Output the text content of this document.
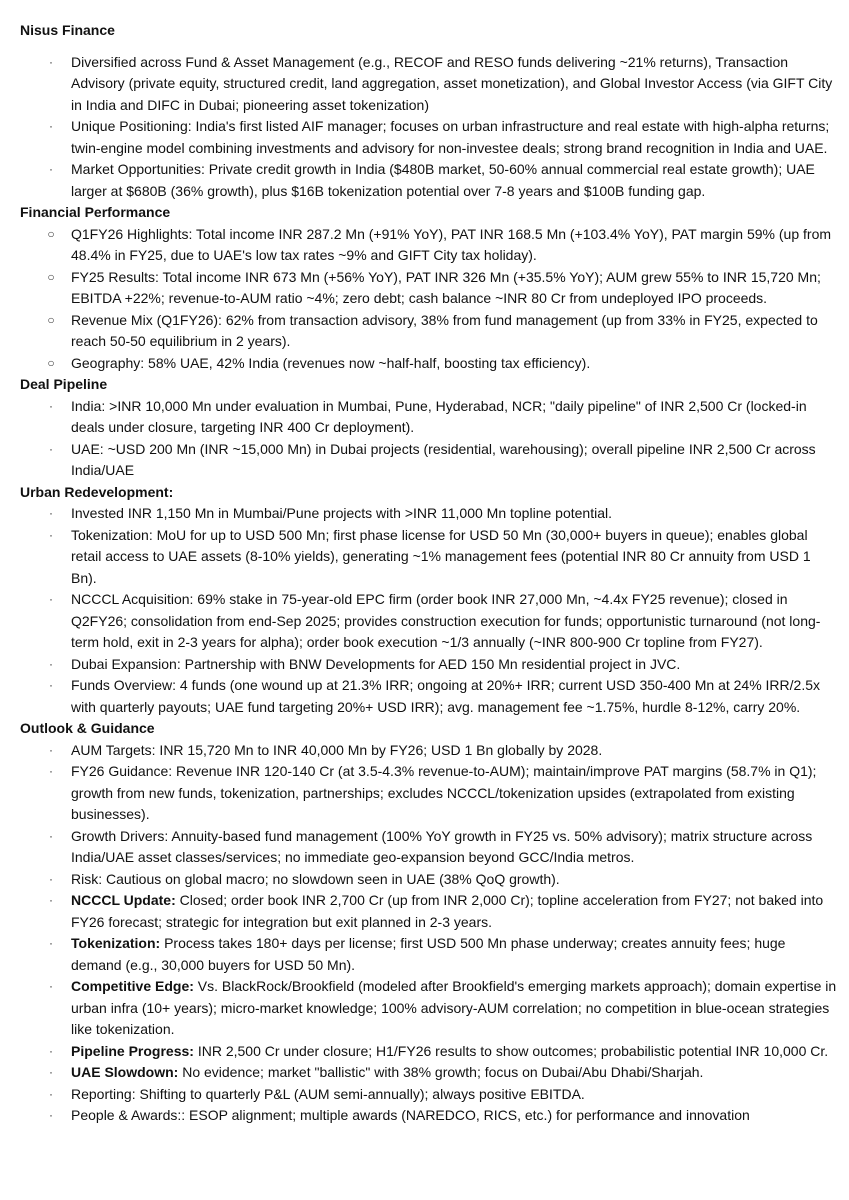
Nisus Finance
·	Diversified across Fund & Asset Management (e.g., RECOF and RESO funds delivering ~21% returns), Transaction Advisory (private equity, structured credit, land aggregation, asset monetization), and Global Investor Access (via GIFT City in India and DIFC in Dubai; pioneering asset tokenization)
·	Unique Positioning: India's first listed AIF manager; focuses on urban infrastructure and real estate with high-alpha returns; twin-engine model combining investments and advisory for non-investee deals; strong brand recognition in India and UAE.
·	Market Opportunities: Private credit growth in India ($480B market, 50-60% annual commercial real estate growth); UAE larger at $680B (36% growth), plus $16B tokenization potential over 7-8 years and $100B funding gap.
Financial Performance
○ Q1FY26 Highlights: Total income INR 287.2 Mn (+91% YoY), PAT INR 168.5 Mn (+103.4% YoY), PAT margin 59% (up from 48.4% in FY25, due to UAE's low tax rates ~9% and GIFT City tax holiday).
○ FY25 Results: Total income INR 673 Mn (+56% YoY), PAT INR 326 Mn (+35.5% YoY); AUM grew 55% to INR 15,720 Mn; EBITDA +22%; revenue-to-AUM ratio ~4%; zero debt; cash balance ~INR 80 Cr from undeployed IPO proceeds.
○ Revenue Mix (Q1FY26): 62% from transaction advisory, 38% from fund management (up from 33% in FY25, expected to reach 50-50 equilibrium in 2 years).
○ Geography: 58% UAE, 42% India (revenues now ~half-half, boosting tax efficiency).
Deal Pipeline
·	India: >INR 10,000 Mn under evaluation in Mumbai, Pune, Hyderabad, NCR; "daily pipeline" of INR 2,500 Cr (locked-in deals under closure, targeting INR 400 Cr deployment).
·	UAE: ~USD 200 Mn (INR ~15,000 Mn) in Dubai projects (residential, warehousing); overall pipeline INR 2,500 Cr across India/UAE
Urban Redevelopment:
·	Invested INR 1,150 Mn in Mumbai/Pune projects with >INR 11,000 Mn topline potential.
·	Tokenization: MoU for up to USD 500 Mn; first phase license for USD 50 Mn (30,000+ buyers in queue); enables global retail access to UAE assets (8-10% yields), generating ~1% management fees (potential INR 80 Cr annuity from USD 1 Bn).
·	NCCCL Acquisition: 69% stake in 75-year-old EPC firm (order book INR 27,000 Mn, ~4.4x FY25 revenue); closed in Q2FY26; consolidation from end-Sep 2025; provides construction execution for funds; opportunistic turnaround (not long-term hold, exit in 2-3 years for alpha); order book execution ~1/3 annually (~INR 800-900 Cr topline from FY27).
·	Dubai Expansion: Partnership with BNW Developments for AED 150 Mn residential project in JVC.
·	Funds Overview: 4 funds (one wound up at 21.3% IRR; ongoing at 20%+ IRR; current USD 350-400 Mn at 24% IRR/2.5x with quarterly payouts; UAE fund targeting 20%+ USD IRR); avg. management fee ~1.75%, hurdle 8-12%, carry 20%.
Outlook & Guidance
·	AUM Targets: INR 15,720 Mn to INR 40,000 Mn by FY26; USD 1 Bn globally by 2028.
·	FY26 Guidance: Revenue INR 120-140 Cr (at 3.5-4.3% revenue-to-AUM); maintain/improve PAT margins (58.7% in Q1); growth from new funds, tokenization, partnerships; excludes NCCCL/tokenization upsides (extrapolated from existing businesses).
·	Growth Drivers: Annuity-based fund management (100% YoY growth in FY25 vs. 50% advisory); matrix structure across India/UAE asset classes/services; no immediate geo-expansion beyond GCC/India metros.
·	Risk: Cautious on global macro; no slowdown seen in UAE (38% QoQ growth).
·	NCCCL Update: Closed; order book INR 2,700 Cr (up from INR 2,000 Cr); topline acceleration from FY27; not baked into FY26 forecast; strategic for integration but exit planned in 2-3 years.
·	Tokenization: Process takes 180+ days per license; first USD 500 Mn phase underway; creates annuity fees; huge demand (e.g., 30,000 buyers for USD 50 Mn).
·	Competitive Edge: Vs. BlackRock/Brookfield (modeled after Brookfield's emerging markets approach); domain expertise in urban infra (10+ years); micro-market knowledge; 100% advisory-AUM correlation; no competition in blue-ocean strategies like tokenization.
·	Pipeline Progress: INR 2,500 Cr under closure; H1/FY26 results to show outcomes; probabilistic potential INR 10,000 Cr.
·	UAE Slowdown: No evidence; market "ballistic" with 38% growth; focus on Dubai/Abu Dhabi/Sharjah.
·	Reporting: Shifting to quarterly P&L (AUM semi-annually); always positive EBITDA.
·	People & Awards:: ESOP alignment; multiple awards (NAREDCO, RICS, etc.) for performance and innovation
